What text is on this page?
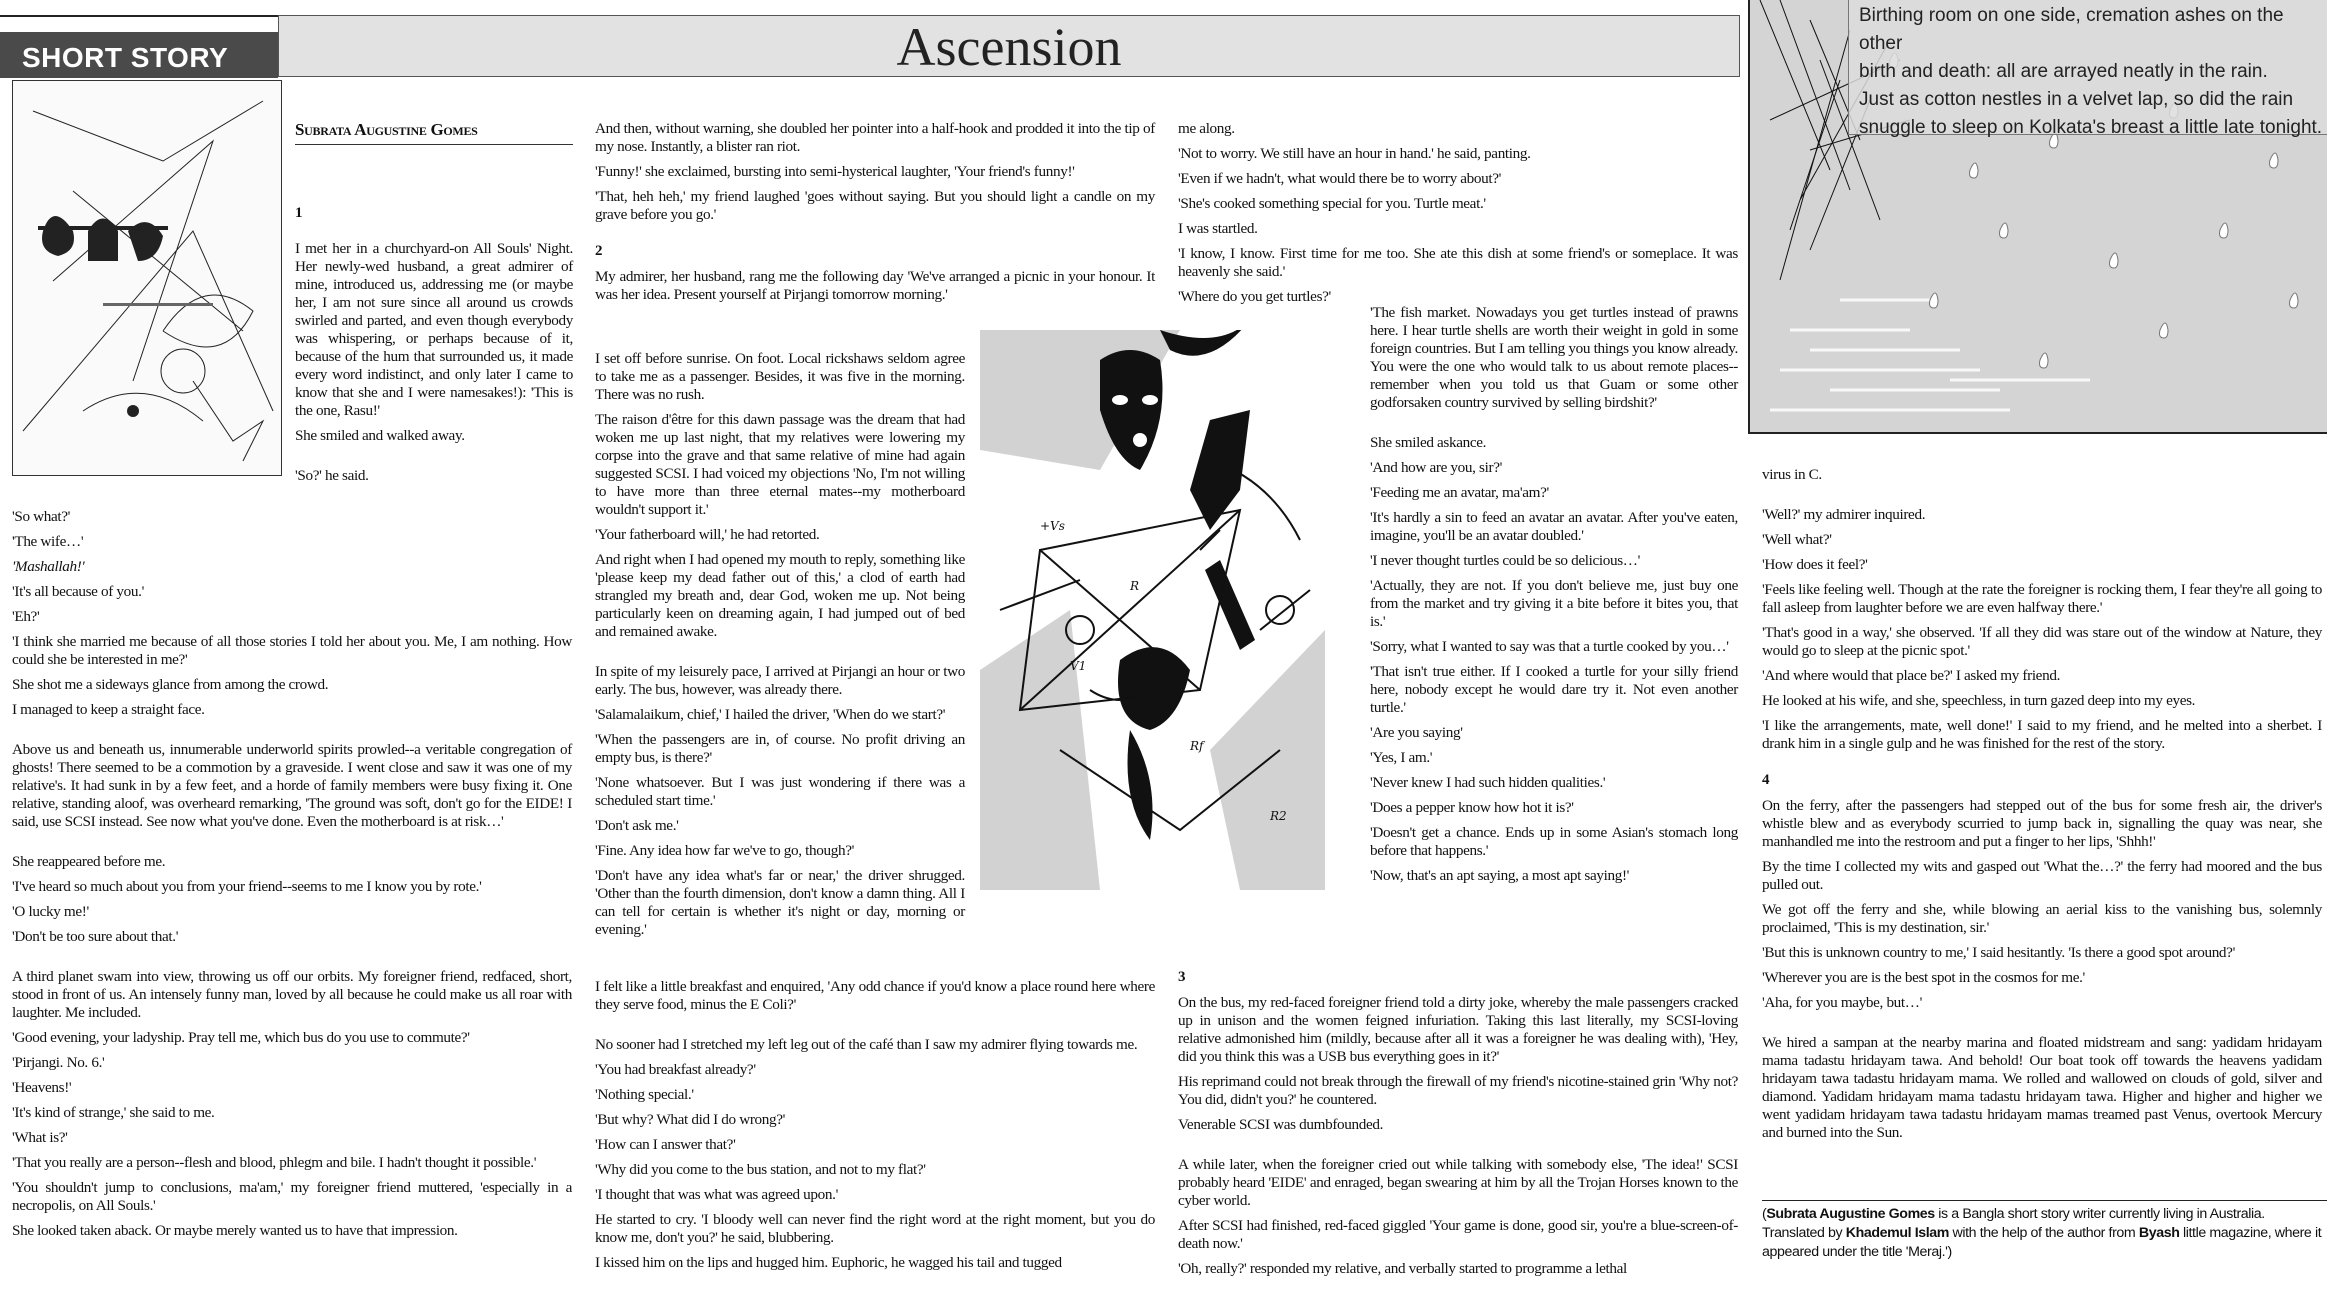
SHORT STORY	Ascension
Subrata Augustine Gomes

1

I met her in a churchyard-on All Souls' Night. Her newly-wed husband, a great admirer of mine, introduced us, addressing me (or maybe her, I am not sure since all around us crowds swirled and parted, and even though everybody was whispering, or perhaps because of it, because of the hum that surrounded us, it made every word indistinct, and only later I came to know that she and I were namesakes!): 'This is the one, Rasu!'

She smiled and walked away.

'So?' he said.

'So what?'

'The wife…'

'Mashallah!'

'It's all because of you.'

'Eh?'

'I think she married me because of all those stories I told her about you. Me, I am nothing. How could she be interested in me?'

She shot me a sideways glance from among the crowd.

I managed to keep a straight face.

Above us and beneath us, innumerable underworld spirits prowled--a veritable congregation of ghosts! There seemed to be a commotion by a graveside. I went close and saw it was one of my relative's. It had sunk in by a few feet, and a horde of family members were busy fixing it. One relative, standing aloof, was overheard remarking, 'The ground was soft, don't go for the EIDE! I said, use SCSI instead. See now what you've done. Even the motherboard is at risk…'

She reappeared before me.

'I've heard so much about you from your friend--seems to me I know you by rote.'

'O lucky me!'

'Don't be too sure about that.'

A third planet swam into view, throwing us off our orbits. My foreigner friend, redfaced, short, stood in front of us. An intensely funny man, loved by all because he could make us all roar with laughter. Me included.

'Good evening, your ladyship. Pray tell me, which bus do you use to commute?'

'Pirjangi. No. 6.'

'Heavens!'

'It's kind of strange,' she said to me.

'What is?'

'That you really are a person--flesh and blood, phlegm and bile. I hadn't thought it possible.'

'You shouldn't jump to conclusions, ma'am,' my foreigner friend muttered, 'especially in a necropolis, on All Souls.'

She looked taken aback. Or maybe merely wanted us to have that impression.

And then, without warning, she doubled her pointer into a half-hook and prodded it into the tip of my nose. Instantly, a blister ran riot.

'Funny!' she exclaimed, bursting into semi-hysterical laughter, 'Your friend's funny!'

'That, heh heh,' my friend laughed 'goes without saying. But you should light a candle on my grave before you go.'

2

My admirer, her husband, rang me the following day 'We've arranged a picnic in your honour. It was her idea. Present yourself at Pirjangi tomorrow morning.'

I set off before sunrise. On foot. Local rickshaws seldom agree to take me as a passenger. Besides, it was five in the morning. There was no rush.

The raison d'être for this dawn passage was the dream that had woken me up last night, that my relatives were lowering my corpse into the grave and that same relative of mine had again suggested SCSI. I had voiced my objections 'No, I'm not willing to have more than three eternal mates--my motherboard wouldn't support it.'

'Your fatherboard will,' he had retorted.

And right when I had opened my mouth to reply, something like 'please keep my dead father out of this,' a clod of earth had strangled my breath and, dear God, woken me up. Not being particularly keen on dreaming again, I had jumped out of bed and remained awake.

In spite of my leisurely pace, I arrived at Pirjangi an hour or two early. The bus, however, was already there.

'Salamalaikum, chief,' I hailed the driver, 'When do we start?'

'When the passengers are in, of course. No profit driving an empty bus, is there?'

'None whatsoever. But I was just wondering if there was a scheduled start time.'

'Don't ask me.'

'Fine. Any idea how far we've to go, though?'

'Don't have any idea what's far or near,' the driver shrugged. 'Other than the fourth dimension, don't know a damn thing. All I can tell for certain is whether it's night or day, morning or evening.'

I felt like a little breakfast and enquired, 'Any odd chance if you'd know a place round here where they serve food, minus the E Coli?'

No sooner had I stretched my left leg out of the café than I saw my admirer flying towards me.

'You had breakfast already?'

'Nothing special.'

'But why? What did I do wrong?'

'How can I answer that?'

'Why did you come to the bus station, and not to my flat?'

'I thought that was what was agreed upon.'

He started to cry. 'I bloody well can never find the right word at the right moment, but you do know me, don't you?' he said, blubbering.

I kissed him on the lips and hugged him. Euphoric, he wagged his tail and tugged

+Vs
R
Rf
V1
R2

me along.

'Not to worry. We still have an hour in hand.' he said, panting.

'Even if we hadn't, what would there be to worry about?'

'She's cooked something special for you. Turtle meat.'

I was startled.

'I know, I know. First time for me too. She ate this dish at some friend's or someplace. It was heavenly she said.'

'Where do you get turtles?'

'The fish market. Nowadays you get turtles instead of prawns here. I hear turtle shells are worth their weight in gold in some foreign countries. But I am telling you things you know already. You were the one who would talk to us about remote places--remember when you told us that Guam or some other godforsaken country survived by selling birdshit?'

She smiled askance.

'And how are you, sir?'

'Feeding me an avatar, ma'am?'

'It's hardly a sin to feed an avatar an avatar. After you've eaten, imagine, you'll be an avatar doubled.'

'I never thought turtles could be so delicious…'

'Actually, they are not. If you don't believe me, just buy one from the market and try giving it a bite before it bites you, that is.'

'Sorry, what I wanted to say was that a turtle cooked by you…'

'That isn't true either. If I cooked a turtle for your silly friend here, nobody except he would dare try it. Not even another turtle.'

'Are you saying'

'Yes, I am.'

'Never knew I had such hidden qualities.'

'Does a pepper know how hot it is?'

'Doesn't get a chance. Ends up in some Asian's stomach long before that happens.'

'Now, that's an apt saying, a most apt saying!'

3

On the bus, my red-faced foreigner friend told a dirty joke, whereby the male passengers cracked up in unison and the women feigned infuriation. Taking this last literally, my SCSI-loving relative admonished him (mildly, because after all it was a foreigner he was dealing with), 'Hey, did you think this was a USB bus everything goes in it?'

His reprimand could not break through the firewall of my friend's nicotine-stained grin 'Why not? You did, didn't you?' he countered.

Venerable SCSI was dumbfounded.

A while later, when the foreigner cried out while talking with somebody else, 'The idea!' SCSI probably heard 'EIDE' and enraged, began swearing at him by all the Trojan Horses known to the cyber world.

After SCSI had finished, red-faced giggled 'Your game is done, good sir, you're a blue-screen-of-death now.'

'Oh, really?' responded my relative, and verbally started to programme a lethal

Birthing room on one side, cremation ashes on the other
birth and death: all are arrayed neatly in the rain.
Just as cotton nestles in a velvet lap, so did the rain
snuggle to sleep on Kolkata's breast a little late tonight.

virus in C.

'Well?' my admirer inquired.

'Well what?'

'How does it feel?'

'Feels like feeling well. Though at the rate the foreigner is rocking them, I fear they're all going to fall asleep from laughter before we are even halfway there.'

'That's good in a way,' she observed. 'If all they did was stare out of the window at Nature, they would go to sleep at the picnic spot.'

'And where would that place be?' I asked my friend.

He looked at his wife, and she, speechless, in turn gazed deep into my eyes.

'I like the arrangements, mate, well done!' I said to my friend, and he melted into a sherbet. I drank him in a single gulp and he was finished for the rest of the story.

4

On the ferry, after the passengers had stepped out of the bus for some fresh air, the driver's whistle blew and as everybody scurried to jump back in, signalling the quay was near, she manhandled me into the restroom and put a finger to her lips, 'Shhh!'

By the time I collected my wits and gasped out 'What the…?' the ferry had moored and the bus pulled out.

We got off the ferry and she, while blowing an aerial kiss to the vanishing bus, solemnly proclaimed, 'This is my destination, sir.'

'But this is unknown country to me,' I said hesitantly. 'Is there a good spot around?'

'Wherever you are is the best spot in the cosmos for me.'

'Aha, for you maybe, but…'

We hired a sampan at the nearby marina and floated midstream and sang: yadidam hridayam mama tadastu hridayam tawa. And behold! Our boat took off towards the heavens yadidam hridayam tawa tadastu hridayam mama. We rolled and wallowed on clouds of gold, silver and diamond. Yadidam hridayam mama tadastu hridayam tawa. Higher and higher and higher we went yadidam hridayam tawa tadastu hridayam mamas treamed past Venus, overtook Mercury and burned into the Sun.

(Subrata Augustine Gomes is a Bangla short story writer currently living in Australia.
Translated by Khademul Islam with the help of the author from Byash little magazine, where it appeared under the title 'Meraj.')
